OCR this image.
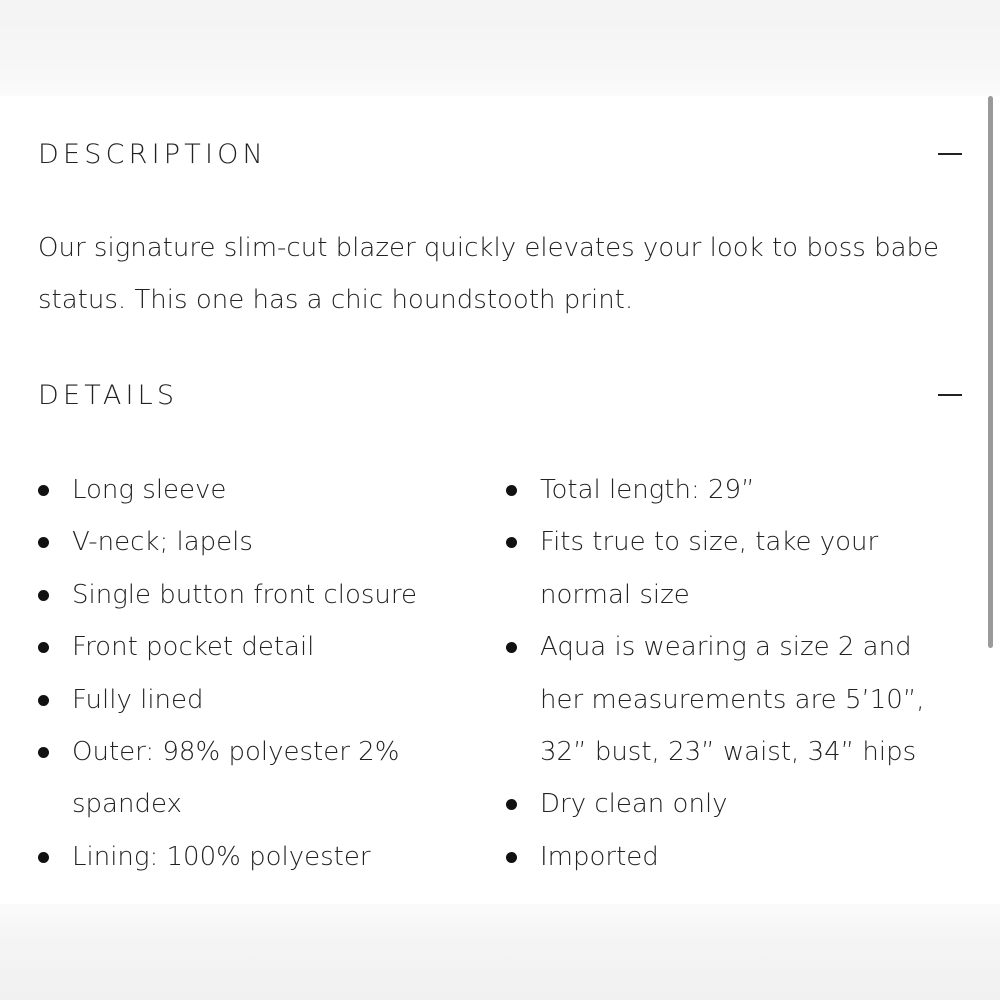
DESCRIPTION

Our signature slim-cut blazer quickly elevates your look to boss babe status. This one has a chic houndstooth print.

DETAILS
Long sleeve
V-neck; lapels
Single button front closure
Front pocket detail
Fully lined
Outer: 98% polyester 2% spandex
Lining: 100% polyester
Total length: 29”
Fits true to size, take your normal size
Aqua is wearing a size 2 and her measurements are 5’10”, 32” bust, 23” waist, 34” hips
Dry clean only
Imported
